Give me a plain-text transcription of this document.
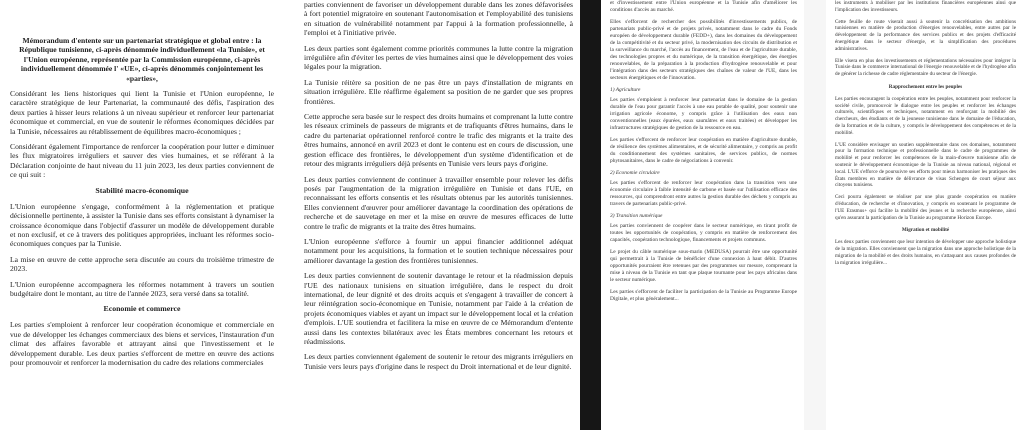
Mémorandum d'entente sur un partenariat stratégique et global entre : la République tunisienne, ci-après dénommée individuellement «la Tunisie», et l'Union européenne, représentée par la Commission européenne, ci-après individuellement dénommée l' «UE», ci-après dénommés conjointement les «parties»,

Considérant les liens historiques qui lient la Tunisie et l'Union européenne, le caractère stratégique de leur Partenariat, la communauté des défis, l'aspiration des deux parties à hisser leurs relations à un niveau supérieur et renforcer leur partenariat économique et commercial, en vue de soutenir le réformes économiques décidées par la Tunisie, nécessaires au rétablissement de équilibres macro-économiques ;

Considérant également l'importance de renforcer la coopération pour lutter e diminuer les flux migratoires irréguliers et sauver des vies humaines, et se référant à la Déclaration conjointe de haut niveau du 11 juin 2023, les deux parties conviennent de ce qui suit :

Stabilité macro-économique

L'Union européenne s'engage, conformément à la réglementation et pratique décisionnelle pertinente, à assister la Tunisie dans ses efforts consistant à dynamiser la croissance économique dans l'objectif d'assurer un modèle de développement durable et non exclusif, et ce à travers des politiques appropriées, incluant les réformes socio-économiques conçues par la Tunisie.

La mise en œuvre de cette approche sera discutée au cours du troisième trimestre de 2023.

L'Union européenne accompagnera les réformes notamment à travers un soutien budgétaire dont le montant, au titre de l'année 2023, sera versé dans sa totalité.

Economie et commerce

Les parties s'emploient à renforcer leur coopération économique et commerciale en vue de développer les échanges commerciaux des biens et services, l'instauration d'un climat des affaires favorable et attrayant ainsi que l'investissement et le développement durable. Les deux parties s'efforcent de mettre en œuvre des actions pour promouvoir et renforcer la modernisation du cadre des relations commerciales

parties conviennent de favoriser un développement durable dans les zones défavorisées à fort potentiel migratoire en soutenant l'autonomisation et l'employabilité des tunisiens en situation de vulnérabilité notamment par l'appui à la formation professionnelle, à l'emploi et à l'initiative privée.

Les deux parties sont également comme priorités communes la lutte contre la migration irrégulière afin d'éviter les pertes de vies humaines ainsi que le développement des voies légales pour la migration.

La Tunisie réitère sa position de ne pas être un pays d'installation de migrants en situation irrégulière. Elle réaffirme également sa position de ne garder que ses propres frontières.

Cette approche sera basée sur le respect des droits humains et comprenant la lutte contre les réseaux criminels de passeurs de migrants et de trafiquants d'êtres humains, dans le cadre du partenariat opérationnel renforcé contre le trafic des migrants et la traite des êtres humains, annoncé en avril 2023 et dont le contenu est en cours de discussion, une gestion efficace des frontières, le développement d'un système d'identification et de retour des migrants irréguliers déjà présents en Tunisie vers leurs pays d'origine.

Les deux parties conviennent de continuer à travailler ensemble pour relever les défis posés par l'augmentation de la migration irrégulière en Tunisie et dans l'UE, en reconnaissant les efforts consentis et les résultats obtenus par les autorités tunisiennes. Elles conviennent d'œuvrer pour améliorer davantage la coordination des opérations de recherche et de sauvetage en mer et la mise en œuvre de mesures efficaces de lutte contre le trafic de migrants et la traite des êtres humains.

L'Union européenne s'efforce à fournir un appui financier additionnel adéquat notamment pour les acquisitions, la formation et le soutien technique nécessaires pour améliorer davantage la gestion des frontières tunisiennes.

Les deux parties conviennent de soutenir davantage le retour et la réadmission depuis l'UE des nationaux tunisiens en situation irrégulière, dans le respect du droit international, de leur dignité et des droits acquis et s'engagent à travailler de concert à leur réintégration socio-économique en Tunisie, notamment par l'aide à la création de projets économiques viables et ayant un impact sur le développement local et la création d'emplois. L'UE soutiendra et facilitera la mise en œuvre de ce Mémorandum d'entente aussi dans les contextes bilatéraux avec les États membres concernant les retours et réadmissions.

Les deux parties conviennent également de soutenir le retour des migrants irréguliers en Tunisie vers leurs pays d'origine dans le respect du Droit international et de leur dignité.

et d'investissement entre l'Union européenne et la Tunisie afin d'améliorer les conditions d'accès au marché.

Elles s'efforcent de rechercher des possibilités d'investissements publics, de partenariats public-privé et de projets privés, notamment dans le cadre du Fonds européen de développement durable (FEDD+), dans les domaines du développement de la compétitivité et du secteur privé, la modernisation des circuits de distribution et la surveillance du marché, l'accès au financement, de l'eau et de l'agriculture durable, des technologies propres et du numérique, de la transition énergétique, des énergies renouvelables, de la préparation à la production d'hydrogène renouvelable et pour l'intégration dans des secteurs stratégiques des chaînes de valeur de l'UE, dans les secteurs énergétiques et de l'innovation.

1) Agriculture

Les parties s'emploient à renforcer leur partenariat dans le domaine de la gestion durable de l'eau pour garantir l'accès à une eau potable de qualité, pour soutenir une irrigation agricole économe, y compris grâce à l'utilisation des eaux non conventionnelles (eaux épurées, eaux saumâtres et eaux traitées) et développer les infrastructures stratégiques de gestion de la ressource en eau.

Les parties s'efforcent de renforcer leur coopération en matière d'agriculture durable, de résilience des systèmes alimentaires, et de sécurité alimentaire, y compris au profit du conditionnement des systèmes sanitaires, de services publics, de normes phytosanitaires, dans le cadre de négociations à convenir.

2) Economie circulaire

Les parties s'efforcent de renforcer leur coopération dans la transition vers une économie circulaire à faible intensité de carbone et basée sur l'utilisation efficace des ressources, qui comprendront entre autres la gestion durable des déchets y compris au travers de partenariats public-privé.

3) Transition numérique

Les parties conviennent de coopérer dans le secteur numérique, en tirant profit de toutes les opportunités de coopération, y compris en matière de renforcement des capacités, coopération technologique, financements et projets communs.

Le projet du câble numérique sous-marin (MEDUSA) pourrait être une opportunité qui permettrait à la Tunisie de bénéficier d'une connexion à haut débit. D'autres opportunités pourraient être retenues par des programmes sur mesure, comprenant la mise à niveau de la Tunisie en tant que plaque tournante pour les pays africains dans le secteur numérique.

Les parties s'efforcent de faciliter la participation de la Tunisie au Programme Europe Digitale, et plus généralement...

les instruments à mobiliser par les institutions financières européennes ainsi que l'implication des investisseurs.

Cette feuille de route viserait aussi à soutenir la concrétisation des ambitions tunisiennes en matière de production d'énergies renouvelables, entre autres par le développement de la performance des services publics et des projets d'efficacité énergétique dans le secteur d'énergie, et la simplification des procédures administratives.

Elle visera en plus des investissements et réglementations nécessaires pour intégrer la Tunisie dans le commerce international de l'énergie renouvelable et de l'hydrogène afin de générer la richesse de cadre réglementaire du secteur de l'énergie.

Rapprochement entre les peuples

Les parties encouragent la coopération entre les peuples, notamment pour renforcer la société civile, promouvoir le dialogue entre les peuples et renforcer les échanges culturels, scientifiques et techniques, notamment en renforçant la mobilité des chercheurs, des étudiants et de la jeunesse tunisienne dans le domaine de l'éducation, de la formation et de la culture, y compris le développement des compétences et de la mobilité.

L'UE considère envisager un soutien supplémentaire dans ces domaines, notamment pour la formation technique et professionnelle dans le cadre de programmes de mobilité et pour renforcer les compétences de la main-d'œuvre tunisienne afin de soutenir le développement économique de la Tunisie au niveau national, régional et local. L'UE s'efforce de poursuivre ses efforts pour mieux harmoniser les pratiques des États membres en matière de délivrance de visas Schengen de court séjour aux citoyens tunisiens.

Ceci pourra également se réaliser par une plus grande coopération en matière d'éducation, de recherche et d'innovation, y compris en soutenant le programme de l'UE Erasmus+ qui facilite la mobilité des jeunes et la recherche européenne, ainsi qu'en assurant la participation de la Tunisie au programme Horizon Europe.

Migration et mobilité

Les deux parties conviennent que leur intention de développer une approche holistique de la migration. Elles conviennent que la migration dans une approche holistique de la migration de la mobilité et des droits humains, en s'attaquant aux causes profondes de la migration irrégulière...
